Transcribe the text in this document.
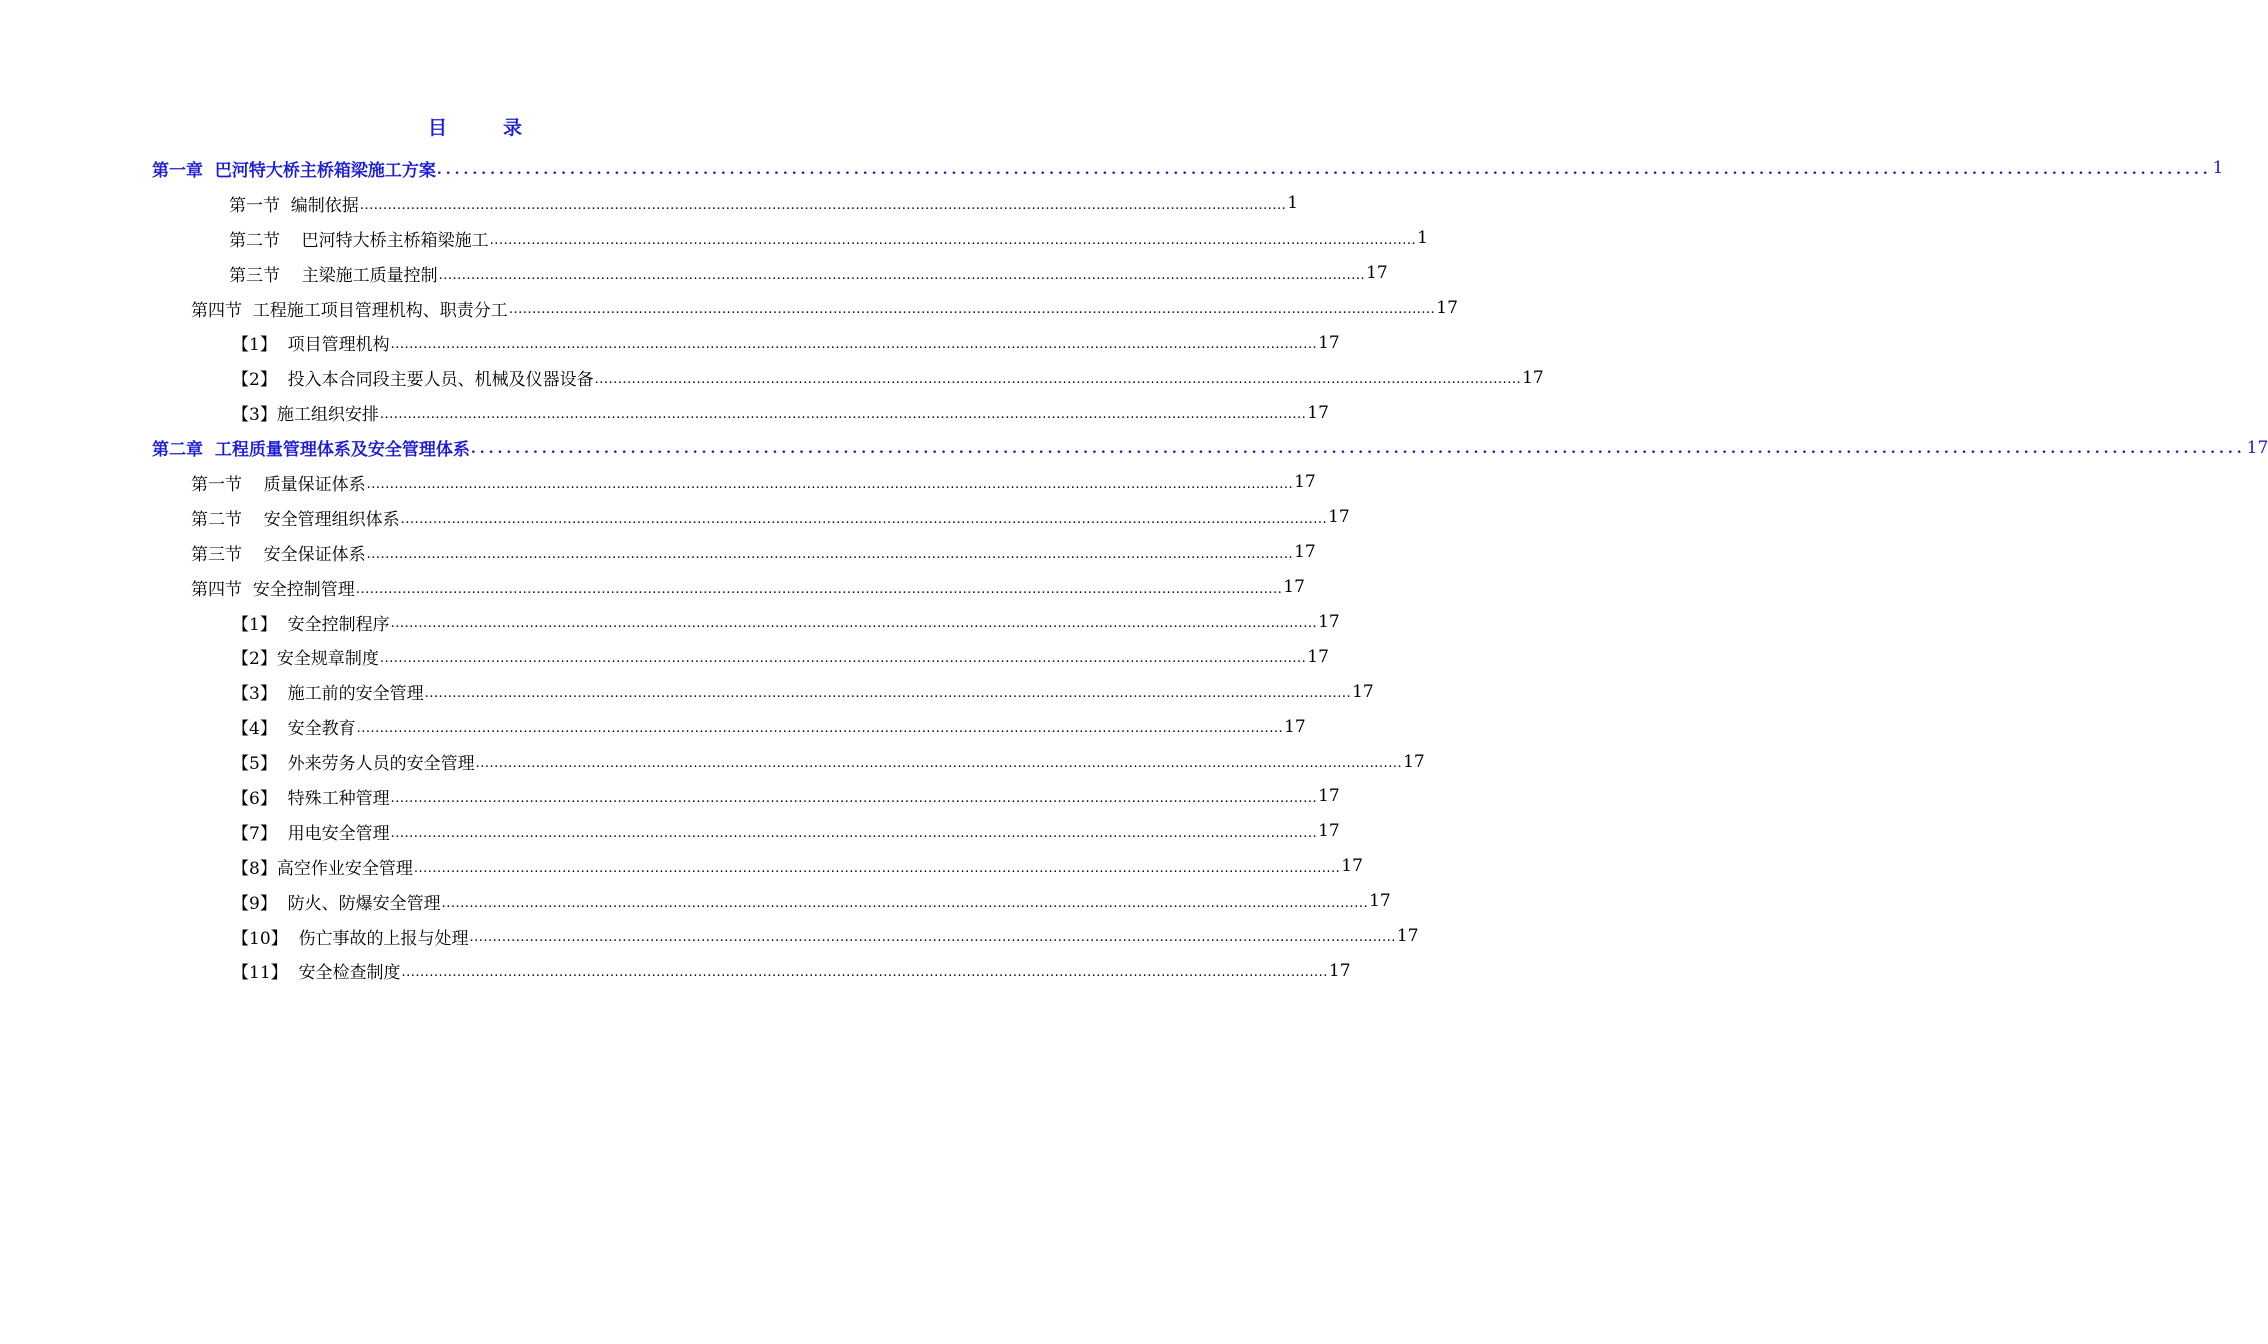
目	录
第一章  巴河特大桥主桥箱梁施工方案 ........................................................................................................................................................................................................ 1
第一节  编制依据 ........................................................................................................................................................................................................ 1
第二节    巴河特大桥主桥箱梁施工 ........................................................................................................................................................................................................ 1
第三节    主梁施工质量控制 ........................................................................................................................................................................................................ 17
第四节  工程施工项目管理机构、职责分工 ........................................................................................................................................................................................................ 17
【1】  项目管理机构 ........................................................................................................................................................................................................ 17
【2】  投入本合同段主要人员、机械及仪器设备 ........................................................................................................................................................................................................ 17
【3】施工组织安排 ........................................................................................................................................................................................................ 17
第二章  工程质量管理体系及安全管理体系 ........................................................................................................................................................................................................ 17
第一节    质量保证体系 ........................................................................................................................................................................................................ 17
第二节    安全管理组织体系 ........................................................................................................................................................................................................ 17
第三节    安全保证体系 ........................................................................................................................................................................................................ 17
第四节  安全控制管理 ........................................................................................................................................................................................................ 17
【1】  安全控制程序 ........................................................................................................................................................................................................ 17
【2】安全规章制度 ........................................................................................................................................................................................................ 17
【3】  施工前的安全管理 ........................................................................................................................................................................................................ 17
【4】  安全教育 ........................................................................................................................................................................................................ 17
【5】  外来劳务人员的安全管理 ........................................................................................................................................................................................................ 17
【6】  特殊工种管理 ........................................................................................................................................................................................................ 17
【7】  用电安全管理 ........................................................................................................................................................................................................ 17
【8】高空作业安全管理 ........................................................................................................................................................................................................ 17
【9】  防火、防爆安全管理 ........................................................................................................................................................................................................ 17
【10】  伤亡事故的上报与处理 ........................................................................................................................................................................................................ 17
【11】  安全检查制度 ........................................................................................................................................................................................................ 17
